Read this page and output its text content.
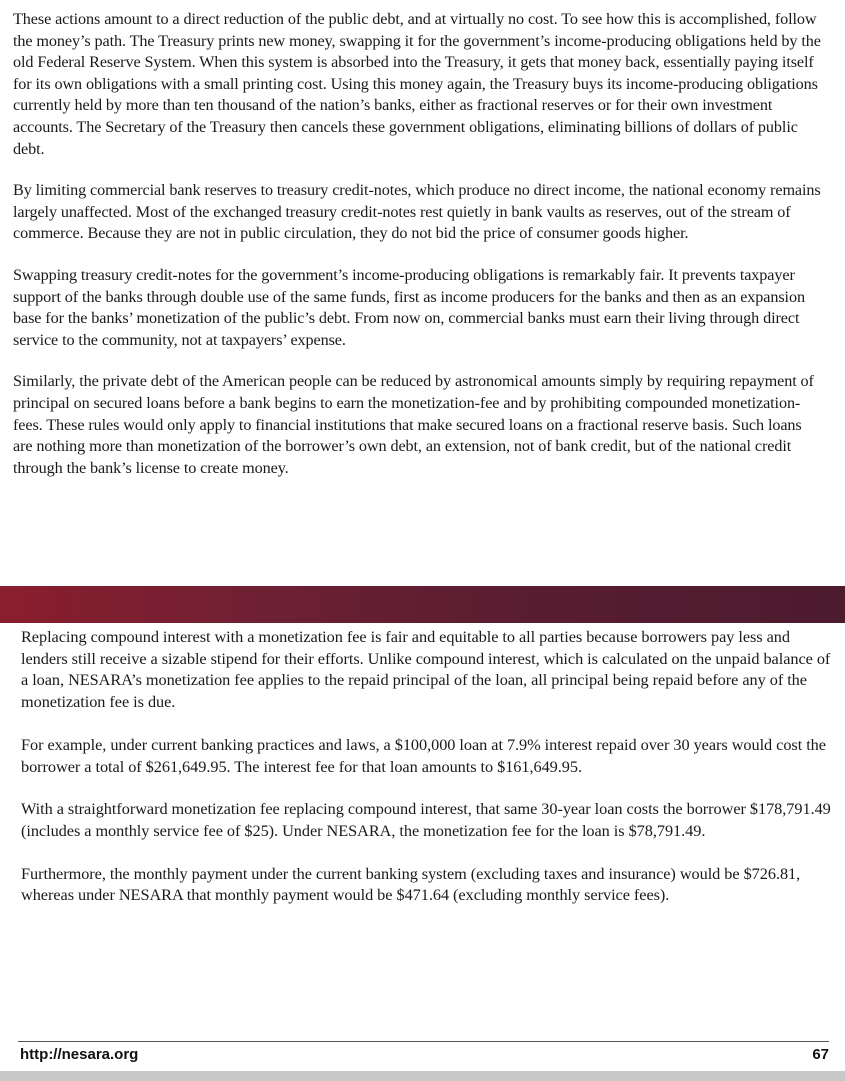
These actions amount to a direct reduction of the public debt, and at virtually no cost. To see how this is accomplished, follow the money’s path. The Treasury prints new money, swapping it for the government’s income-producing obligations held by the old Federal Reserve System. When this system is absorbed into the Treasury, it gets that money back, essentially paying itself for its own obligations with a small printing cost. Using this money again, the Treasury buys its income-producing obligations currently held by more than ten thousand of the nation’s banks, either as fractional reserves or for their own investment accounts. The Secretary of the Treasury then cancels these government obligations, eliminating billions of dollars of public debt.

By limiting commercial bank reserves to treasury credit-notes, which produce no direct income, the national economy remains largely unaffected. Most of the exchanged treasury credit-notes rest quietly in bank vaults as reserves, out of the stream of commerce. Because they are not in public circulation, they do not bid the price of consumer goods higher.

Swapping treasury credit-notes for the government’s income-producing obligations is remarkably fair. It prevents taxpayer support of the banks through double use of the same funds, first as income producers for the banks and then as an expansion base for the banks’ monetization of the public’s debt. From now on, commercial banks must earn their living through direct service to the community, not at taxpayers’ expense.

Similarly, the private debt of the American people can be reduced by astronomical amounts simply by requiring repayment of principal on secured loans before a bank begins to earn the monetization-fee and by prohibiting compounded monetization-fees. These rules would only apply to financial institutions that make secured loans on a fractional reserve basis. Such loans are nothing more than monetization of the borrower’s own debt, an extension, not of bank credit, but of the national credit through the bank’s license to create money.

Replacing compound interest with a monetization fee is fair and equitable to all parties because borrowers pay less and lenders still receive a sizable stipend for their efforts. Unlike compound interest, which is calculated on the unpaid balance of a loan, NESARA’s monetization fee applies to the repaid principal of the loan, all principal being repaid before any of the monetization fee is due.

For example, under current banking practices and laws, a $100,000 loan at 7.9% interest repaid over 30 years would cost the borrower a total of $261,649.95. The interest fee for that loan amounts to $161,649.95.

With a straightforward monetization fee replacing compound interest, that same 30-year loan costs the borrower $178,791.49 (includes a monthly service fee of $25). Under NESARA, the monetization fee for the loan is $78,791.49.

Furthermore, the monthly payment under the current banking system (excluding taxes and insurance) would be $726.81, whereas under NESARA that monthly payment would be $471.64 (excluding monthly service fees).

http://nesara.org	67
